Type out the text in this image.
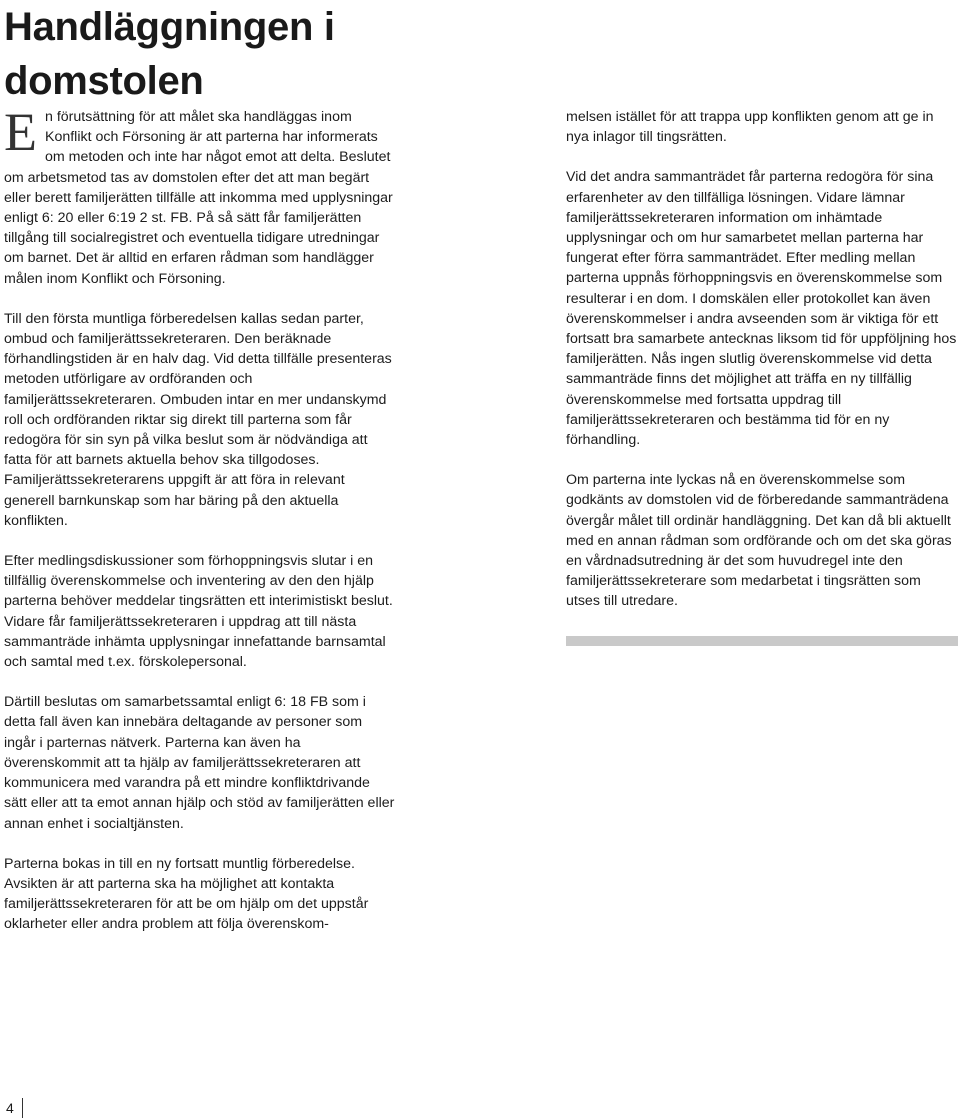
Handläggningen i domstolen

En förutsättning för att målet ska handläggas inom Konflikt och Försoning är att parterna har informerats om metoden och inte har något emot att delta. Beslutet om arbetsmetod tas av domstolen efter det att man begärt eller berett familjerätten tillfälle att inkomma med upplysningar enligt 6: 20 eller 6:19 2 st. FB. På så sätt får familjerätten tillgång till socialregistret och eventuella tidigare utredningar om barnet. Det är alltid en erfaren rådman som handlägger målen inom Konflikt och Försoning.

Till den första muntliga förberedelsen kallas sedan parter, ombud och familjerättssekreteraren. Den beräknade förhandlingstiden är en halv dag. Vid detta tillfälle presenteras metoden utförligare av ordföranden och familjerättssekreteraren. Ombuden intar en mer undanskymd roll och ordföranden riktar sig direkt till parterna som får redogöra för sin syn på vilka beslut som är nödvändiga att fatta för att barnets aktuella behov ska tillgodoses. Familjerättssekreterarens uppgift är att föra in relevant generell barnkunskap som har bäring på den aktuella konflikten.

Efter medlingsdiskussioner som förhoppningsvis slutar i en tillfällig överenskommelse och inventering av den den hjälp parterna behöver meddelar tingsrätten ett interimistiskt beslut. Vidare får familjerättssekreteraren i uppdrag att till nästa sammanträde inhämta upplysningar innefattande barnsamtal och samtal med t.ex. förskolepersonal.

Därtill beslutas om samarbetssamtal enligt 6: 18 FB som i detta fall även kan innebära deltagande av personer som ingår i parternas nätverk. Parterna kan även ha överenskommit att ta hjälp av familjerättssekreteraren att kommunicera med varandra på ett mindre konfliktdrivande sätt eller att ta emot annan hjälp och stöd av familjerätten eller annan enhet i socialtjänsten.

Parterna bokas in till en ny fortsatt muntlig förberedelse. Avsikten är att parterna ska ha möjlighet att kontakta familjerättssekreteraren för att be om hjälp om det uppstår oklarheter eller andra problem att följa överenskom-

melsen istället för att trappa upp konflikten genom att ge in nya inlagor till tingsrätten.

Vid det andra sammanträdet får parterna redogöra för sina erfarenheter av den tillfälliga lösningen. Vidare lämnar familjerättssekreteraren information om inhämtade upplysningar och om hur samarbetet mellan parterna har fungerat efter förra sammanträdet. Efter medling mellan parterna uppnås förhoppningsvis en överenskommelse som resulterar i en dom. I domskälen eller protokollet kan även överenskommelser i andra avseenden som är viktiga för ett fortsatt bra samarbete antecknas liksom tid för uppföljning hos familjerätten. Nås ingen slutlig överenskommelse vid detta sammanträde finns det möjlighet att träffa en ny tillfällig överenskommelse med fortsatta uppdrag till familjerättssekreteraren och bestämma tid för en ny förhandling.

Om parterna inte lyckas nå en överenskommelse som godkänts av domstolen vid de förberedande sammanträdena övergår målet till ordinär handläggning. Det kan då bli aktuellt med en annan rådman som ordförande och om det ska göras en vårdnadsutredning är det som huvudregel inte den familjerättssekreterare som medarbetat i tingsrätten som utses till utredare.

4
